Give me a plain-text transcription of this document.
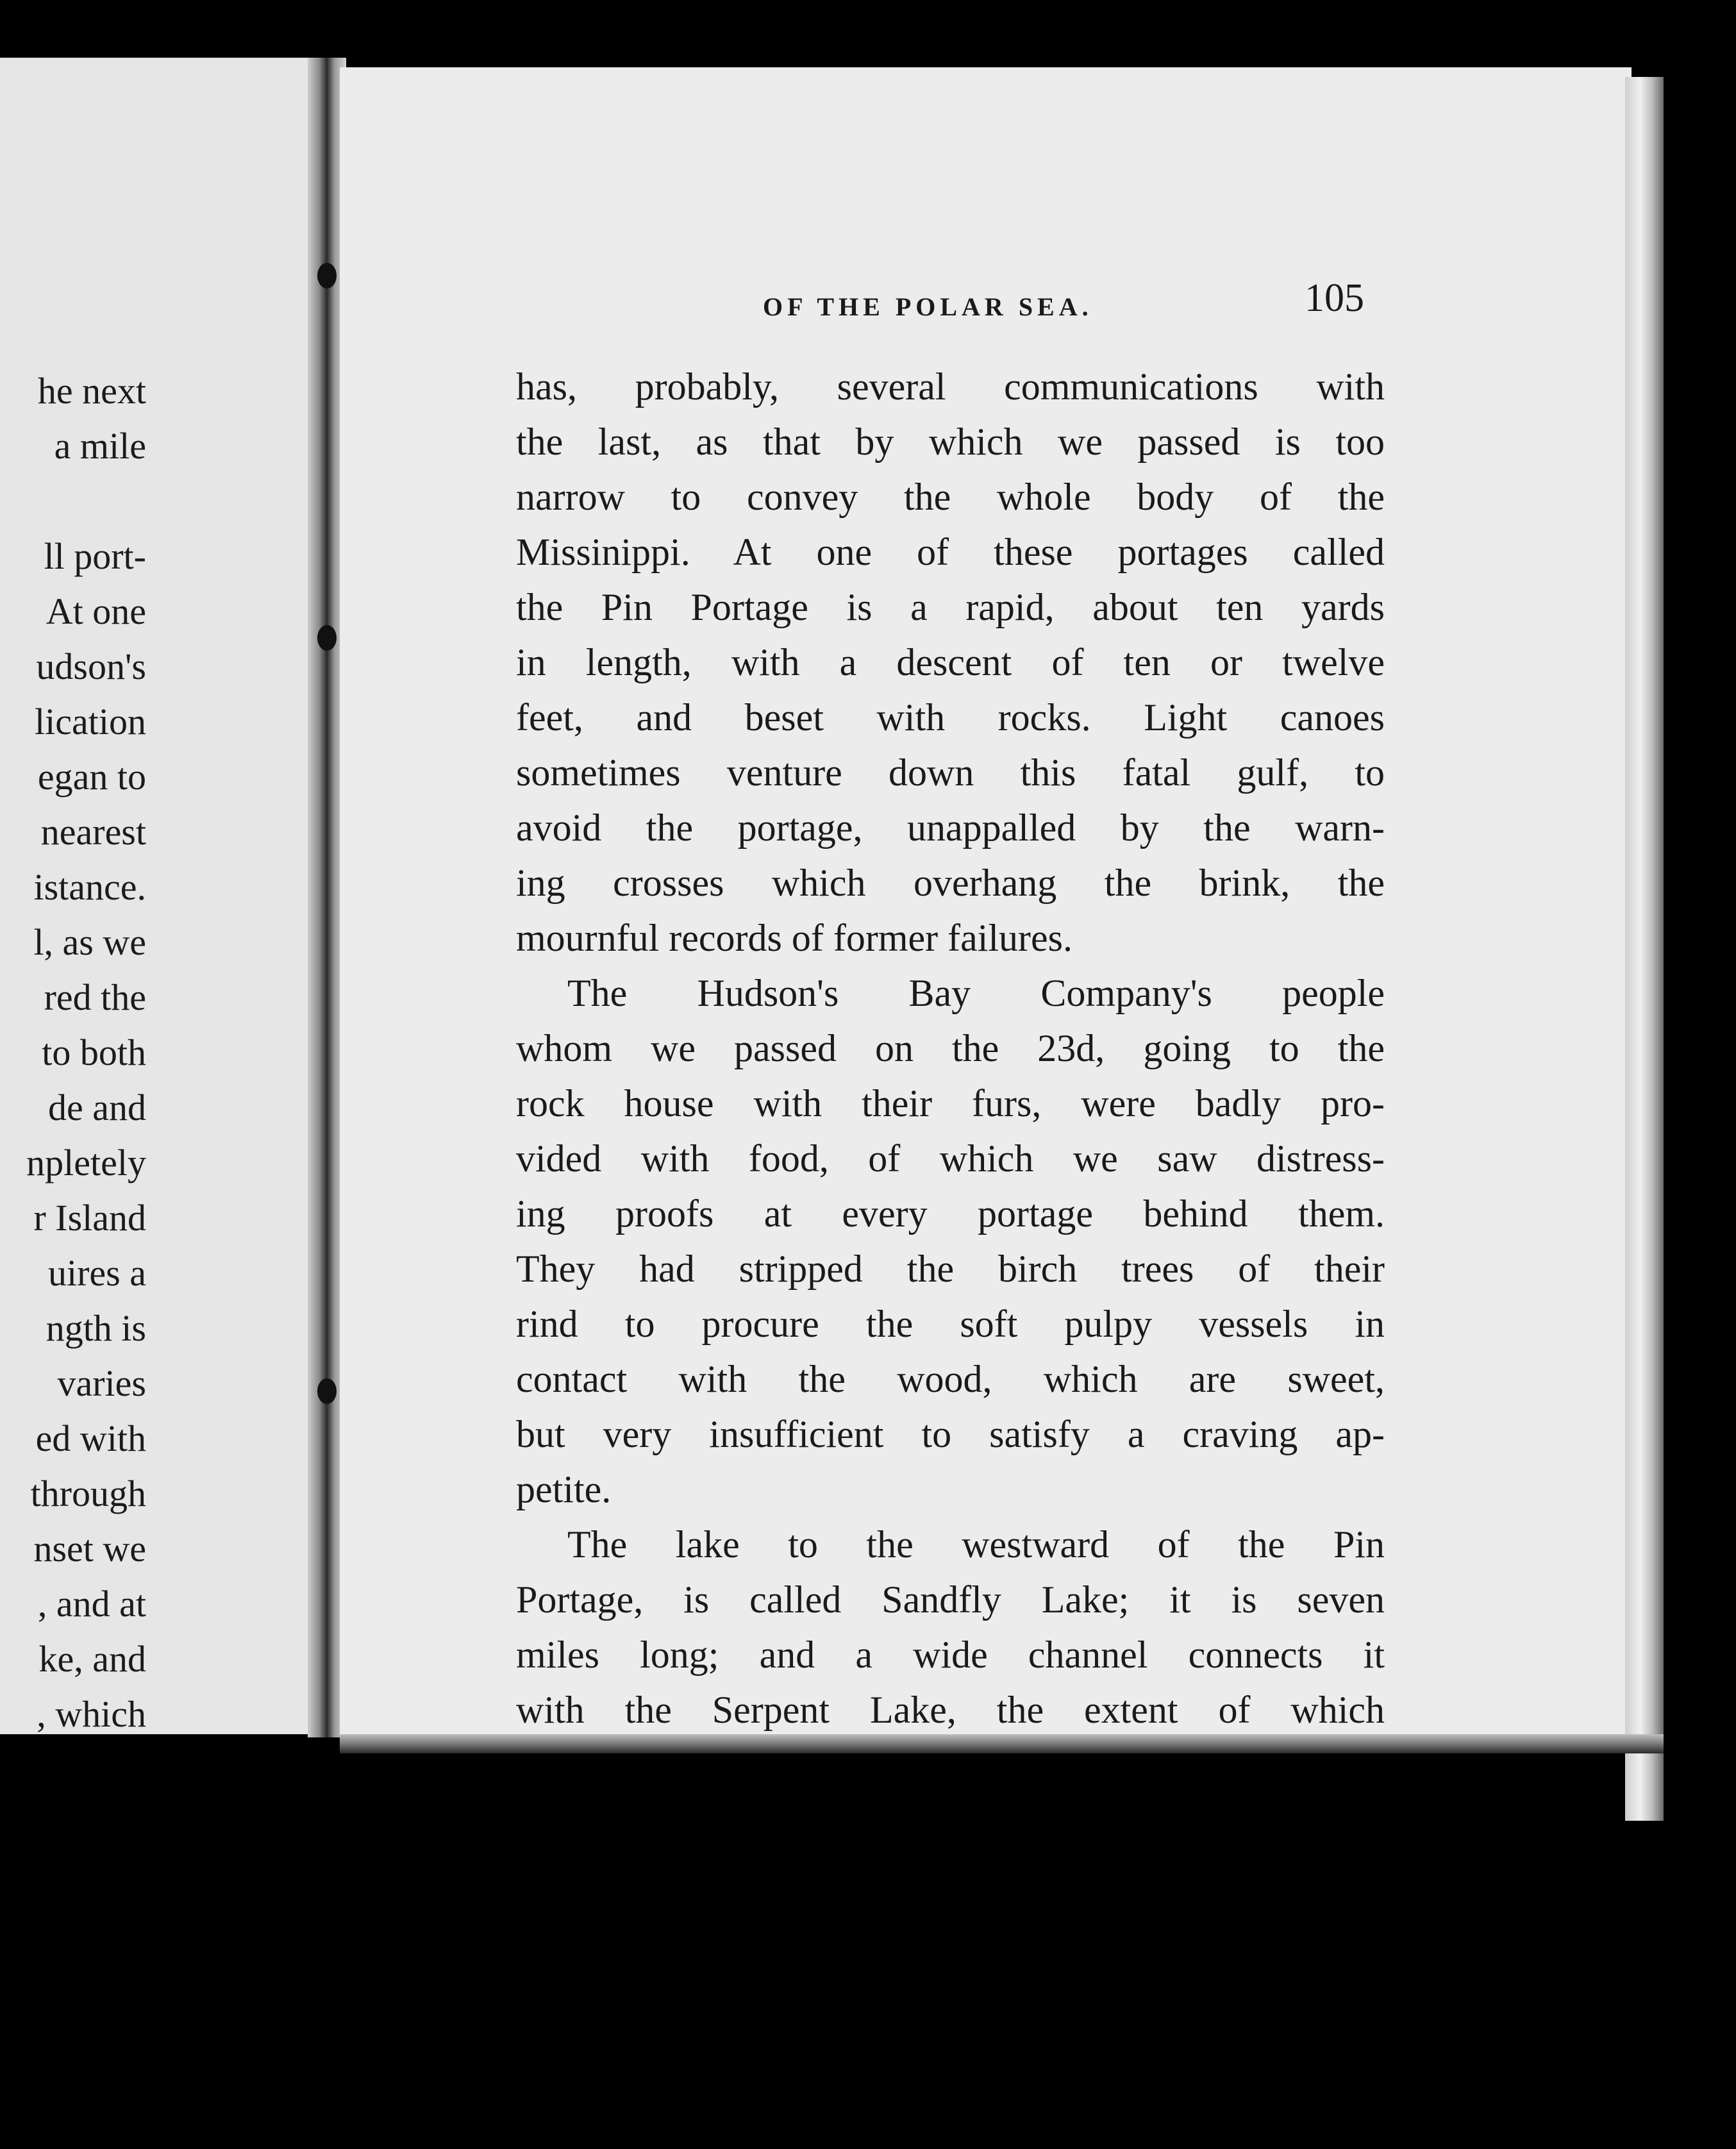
he next
a mile
ll port-
At one
udson's
lication
egan to
nearest
istance.
l, as we
red the
to both
de and
npletely
r Island
uires a
ngth is
varies
ed with
through
nset we
, and at
ke, and
, which
OF THE POLAR SEA.	105
has, probably, several communications with
the last, as that by which we passed is too
narrow to convey the whole body of the
Missinippi. At one of these portages called
the Pin Portage is a rapid, about ten yards
in length, with a descent of ten or twelve
feet, and beset with rocks. Light canoes
sometimes venture down this fatal gulf, to
avoid the portage, unappalled by the warn-
ing crosses which overhang the brink, the
mournful records of former failures.
The Hudson's Bay Company's people
whom we passed on the 23d, going to the
rock house with their furs, were badly pro-
vided with food, of which we saw distress-
ing proofs at every portage behind them.
They had stripped the birch trees of their
rind to procure the soft pulpy vessels in
contact with the wood, which are sweet,
but very insufficient to satisfy a craving ap-
petite.
The lake to the westward of the Pin
Portage, is called Sandfly Lake; it is seven
miles long; and a wide channel connects it
with the Serpent Lake, the extent of which
